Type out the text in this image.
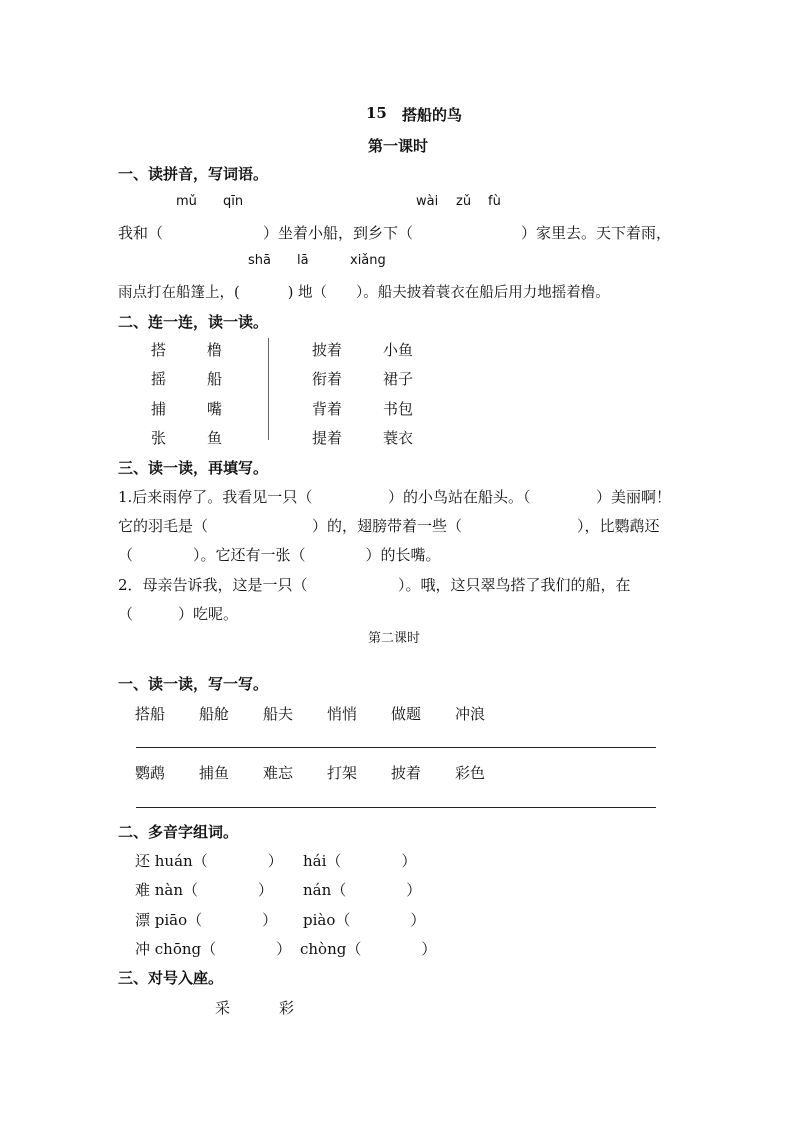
15 搭船的鸟
第一课时
一、读拼音，写词语。
mǔ qīn	wài zǔ fù
我和（	）坐着小船，到乡下（	）家里去。天下着雨，
shā lā	xiǎng
雨点打在船篷上，(　　　 ) 地（　　）。船夫披着蓑衣在船后用力地摇着橹。
二、连一连，读一读。
搭	橹
摇	船
捕	嘴
张	鱼
披着	小鱼
衔着	裙子
背着	书包
提着	蓑衣
三、读一读，再填写。
1.后来雨停了。我看见一只（	）的小鸟站在船头。（	）美丽啊！
它的羽毛是（	）的，翅膀带着一些（	），比鹦鹉还
（　　　　）。它还有一张（　　　　）的长嘴。
2．母亲告诉我，这是一只（	）。哦，这只翠鸟搭了我们的船，在
（　　　）吃呢。
第二课时
一、读一读，写一写。
搭船 船舱 船夫 悄悄 做题 冲浪
鹦鹉 捕鱼 难忘 打架 披着 彩色
二、多音字组词。
还 huán（　　　　） hái（　　　　）
难 nàn（　　　　） nán（　　　　）
漂 piāo（　　　　） piào（　　　　）
冲 chōng（　　　　） chòng（　　　　）
三、对号入座。
采	彩
